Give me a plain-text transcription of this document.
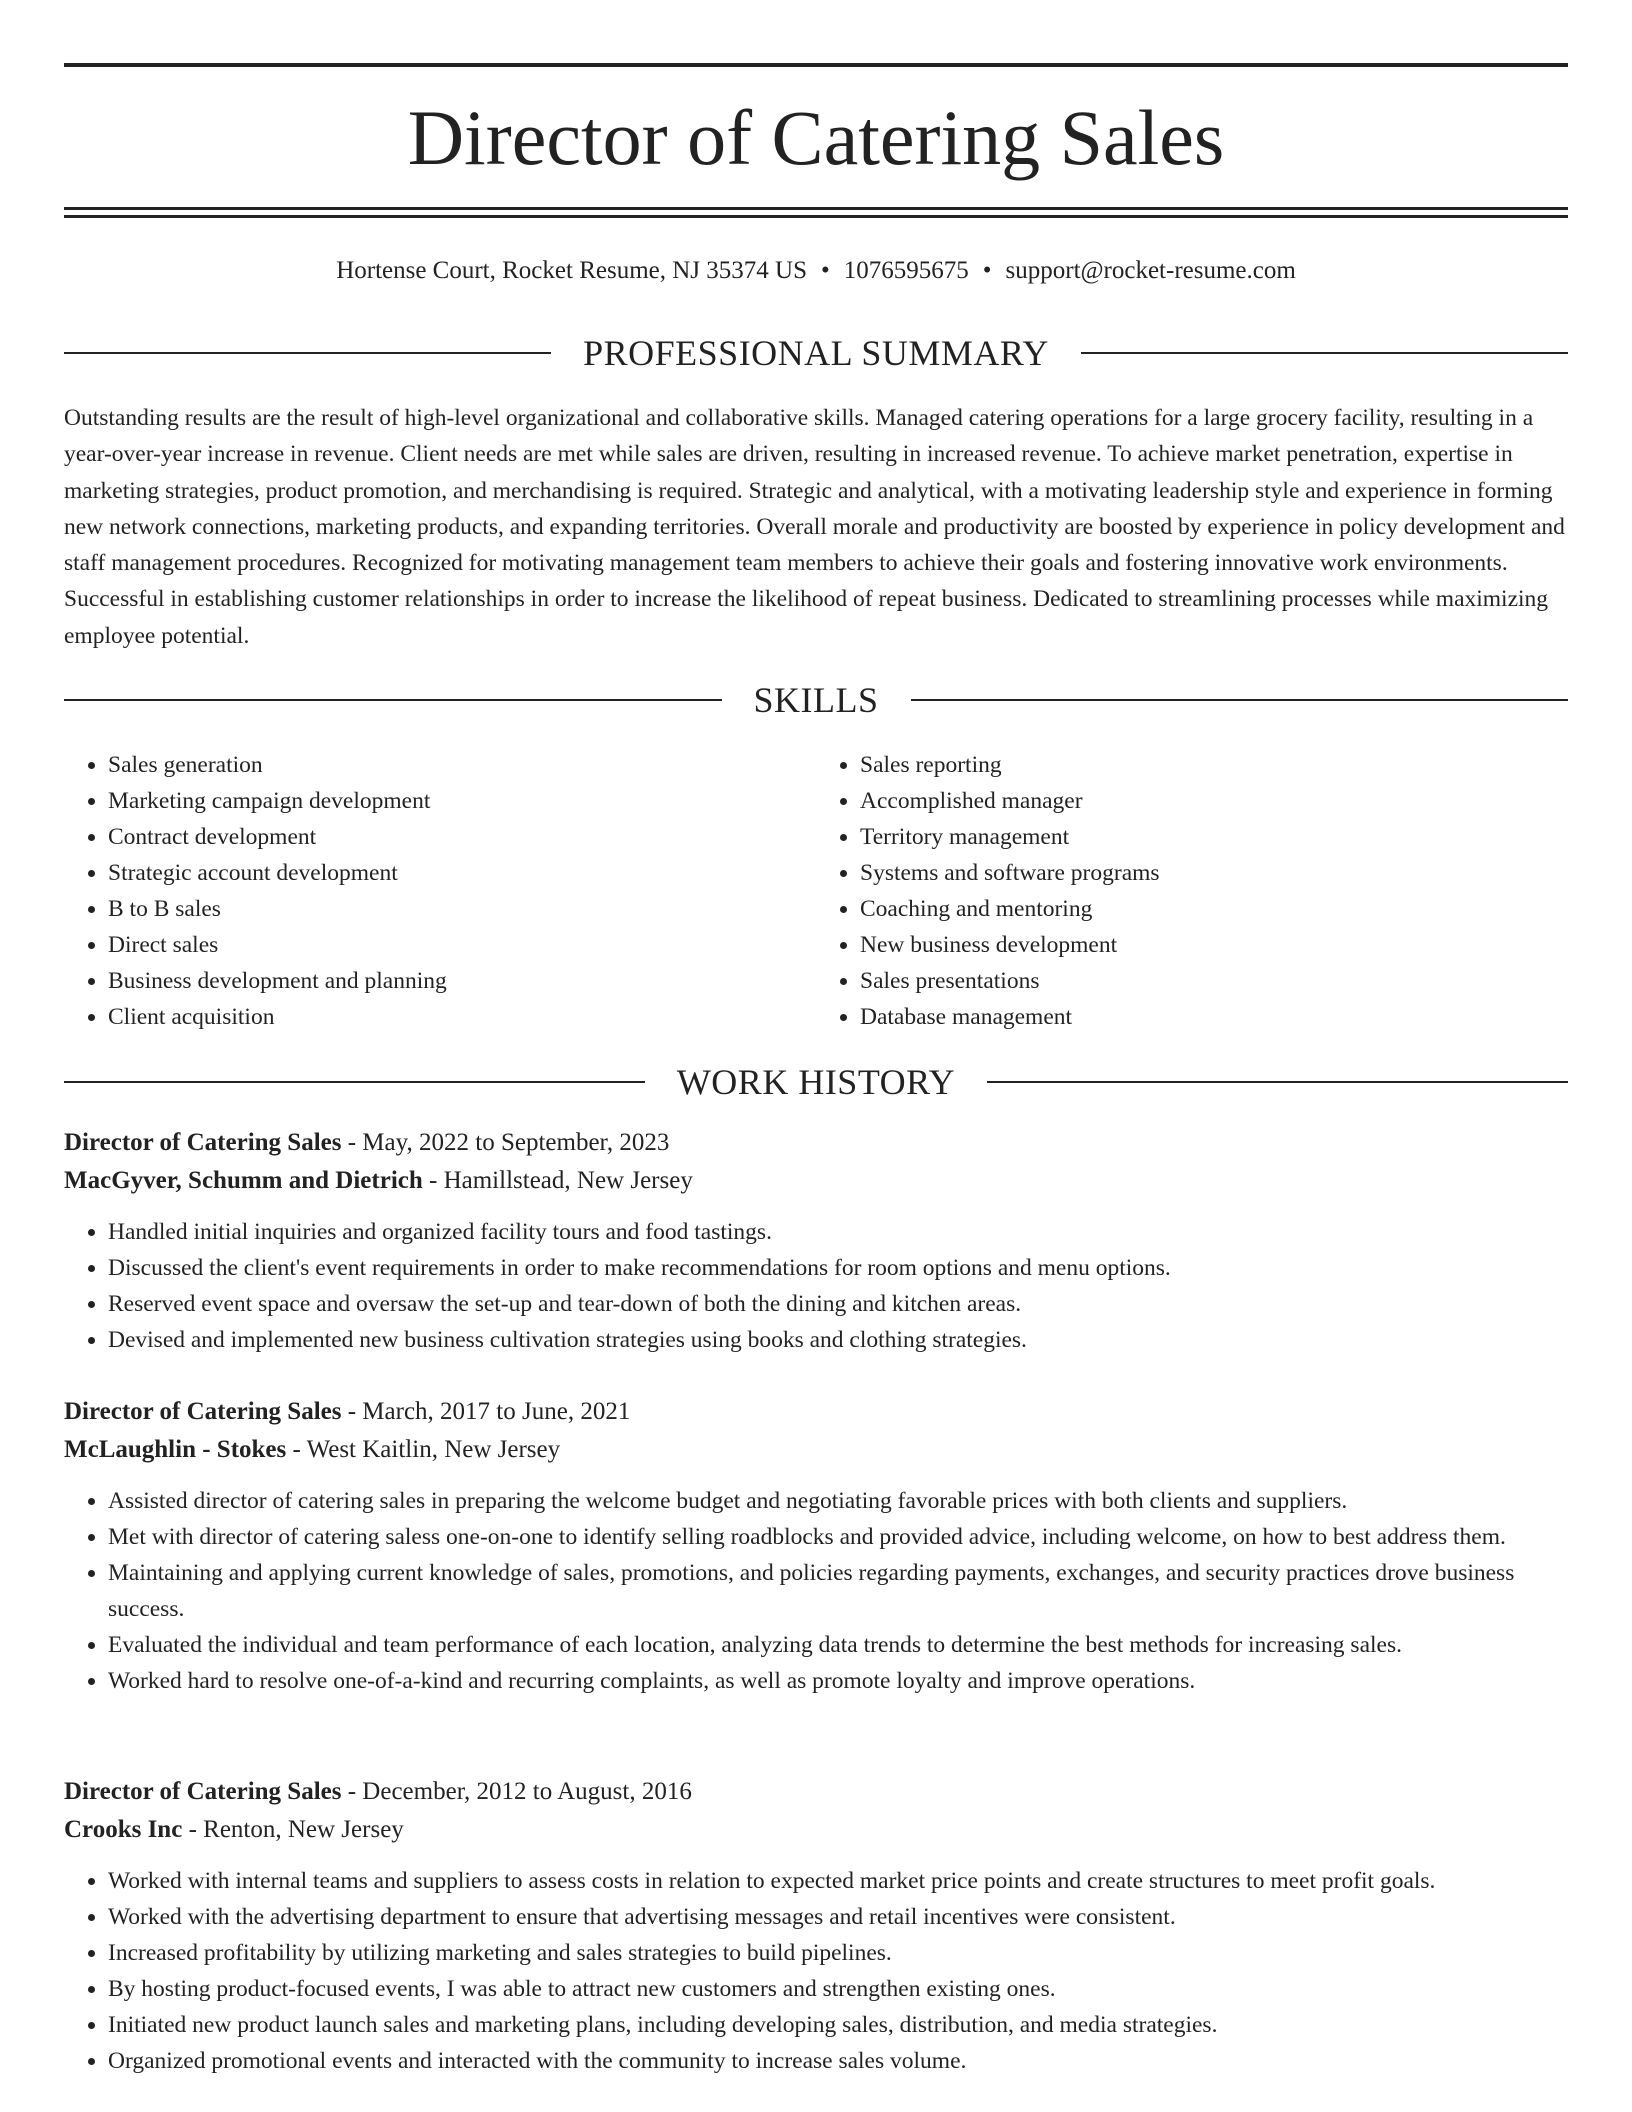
Director of Catering Sales
Hortense Court, Rocket Resume, NJ 35374 US • 1076595675 • support@rocket-resume.com
PROFESSIONAL SUMMARY

Outstanding results are the result of high-level organizational and collaborative skills. Managed catering operations for a large grocery facility, resulting in a year-over-year increase in revenue. Client needs are met while sales are driven, resulting in increased revenue. To achieve market penetration, expertise in marketing strategies, product promotion, and merchandising is required. Strategic and analytical, with a motivating leadership style and experience in forming new network connections, marketing products, and expanding territories. Overall morale and productivity are boosted by experience in policy development and staff management procedures. Recognized for motivating management team members to achieve their goals and fostering innovative work environments. Successful in establishing customer relationships in order to increase the likelihood of repeat business. Dedicated to streamlining processes while maximizing employee potential.

SKILLS
• Sales generation
• Marketing campaign development
• Contract development
• Strategic account development
• B to B sales
• Direct sales
• Business development and planning
• Client acquisition
• Sales reporting
• Accomplished manager
• Territory management
• Systems and software programs
• Coaching and mentoring
• New business development
• Sales presentations
• Database management
WORK HISTORY

Director of Catering Sales - May, 2022 to September, 2023

MacGyver, Schumm and Dietrich - Hamillstead, New Jersey

• Handled initial inquiries and organized facility tours and food tastings.
• Discussed the client's event requirements in order to make recommendations for room options and menu options.
• Reserved event space and oversaw the set-up and tear-down of both the dining and kitchen areas.
• Devised and implemented new business cultivation strategies using books and clothing strategies.

Director of Catering Sales - March, 2017 to June, 2021

McLaughlin - Stokes - West Kaitlin, New Jersey

• Assisted director of catering sales in preparing the welcome budget and negotiating favorable prices with both clients and suppliers.
• Met with director of catering saless one-on-one to identify selling roadblocks and provided advice, including welcome, on how to best address them.
• Maintaining and applying current knowledge of sales, promotions, and policies regarding payments, exchanges, and security practices drove business success.
• Evaluated the individual and team performance of each location, analyzing data trends to determine the best methods for increasing sales.
• Worked hard to resolve one-of-a-kind and recurring complaints, as well as promote loyalty and improve operations.

Director of Catering Sales - December, 2012 to August, 2016

Crooks Inc - Renton, New Jersey

• Worked with internal teams and suppliers to assess costs in relation to expected market price points and create structures to meet profit goals.
• Worked with the advertising department to ensure that advertising messages and retail incentives were consistent.
• Increased profitability by utilizing marketing and sales strategies to build pipelines.
• By hosting product-focused events, I was able to attract new customers and strengthen existing ones.
• Initiated new product launch sales and marketing plans, including developing sales, distribution, and media strategies.
• Organized promotional events and interacted with the community to increase sales volume.
